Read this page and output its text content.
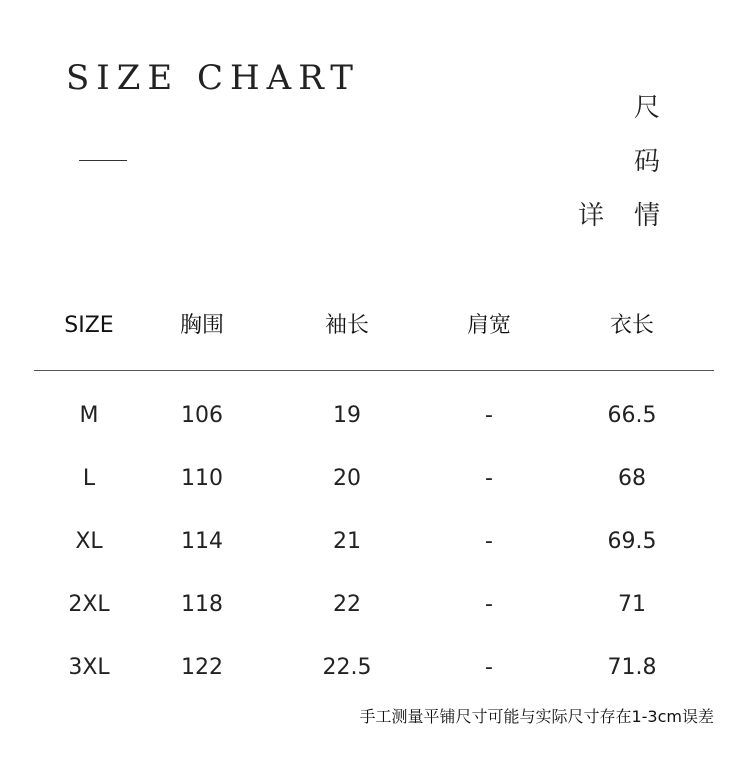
SIZE CHART
尺
码
详 情
SIZE	胸围	袖长	肩宽	衣长
M	106	19	-	66.5
L	110	20	-	68
XL	114	21	-	69.5
2XL	118	22	-	71
3XL	122	22.5	-	71.8
手工测量平铺尺寸可能与实际尺寸存在1-3cm误差
